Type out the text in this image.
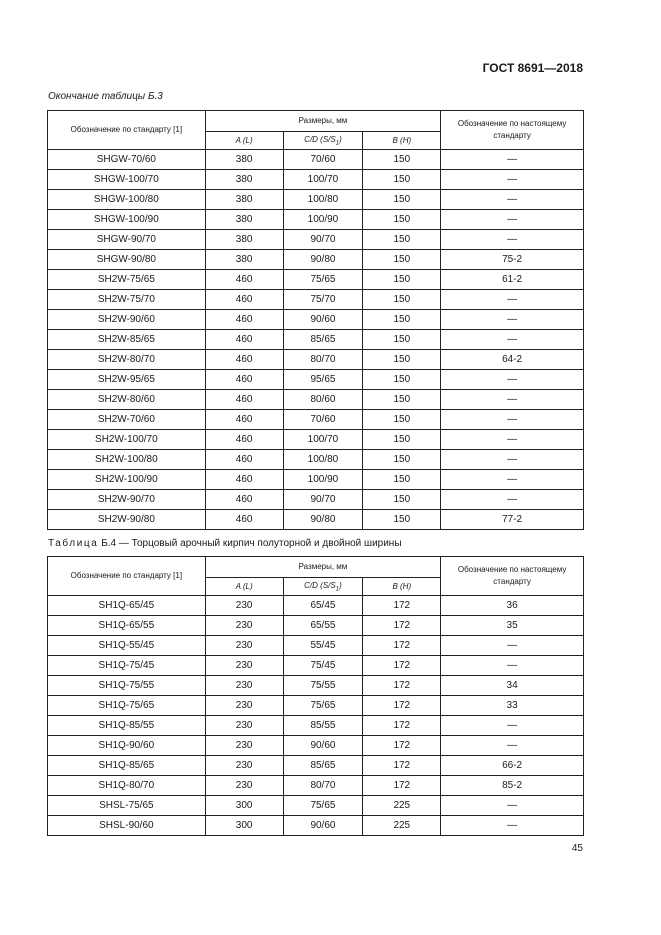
ГОСТ 8691—2018
Окончание таблицы Б.3
Обозначение по стандарту [1]	Размеры, мм			Обозначение по настоящему стандарту
	A (L)	C/D $(S/S_1)$	B (H)	
SHGW-70/60	380	70/60	150	—
SHGW-100/70	380	100/70	150	—
SHGW-100/80	380	100/80	150	—
SHGW-100/90	380	100/90	150	—
SHGW-90/70	380	90/70	150	—
SHGW-90/80	380	90/80	150	75-2
SH2W-75/65	460	75/65	150	61-2
SH2W-75/70	460	75/70	150	—
SH2W-90/60	460	90/60	150	—
SH2W-85/65	460	85/65	150	—
SH2W-80/70	460	80/70	150	64-2
SH2W-95/65	460	95/65	150	—
SH2W-80/60	460	80/60	150	—
SH2W-70/60	460	70/60	150	—
SH2W-100/70	460	100/70	150	—
SH2W-100/80	460	100/80	150	—
SH2W-100/90	460	100/90	150	—
SH2W-90/70	460	90/70	150	—
SH2W-90/80	460	90/80	150	77-2
Таблица Б.4 — Торцовый арочный кирпич полуторной и двойной ширины
Обозначение по стандарту [1]	Размеры, мм			Обозначение по настоящему стандарту
	A (L)	C/D $(S/S_1)$	B (H)	
SH1Q-65/45	230	65/45	172	36
SH1Q-65/55	230	65/55	172	35
SH1Q-55/45	230	55/45	172	—
SH1Q-75/45	230	75/45	172	—
SH1Q-75/55	230	75/55	172	34
SH1Q-75/65	230	75/65	172	33
SH1Q-85/55	230	85/55	172	—
SH1Q-90/60	230	90/60	172	—
SH1Q-85/65	230	85/65	172	66-2
SH1Q-80/70	230	80/70	172	85-2
SHSL-75/65	300	75/65	225	—
SHSL-90/60	300	90/60	225	—
45
